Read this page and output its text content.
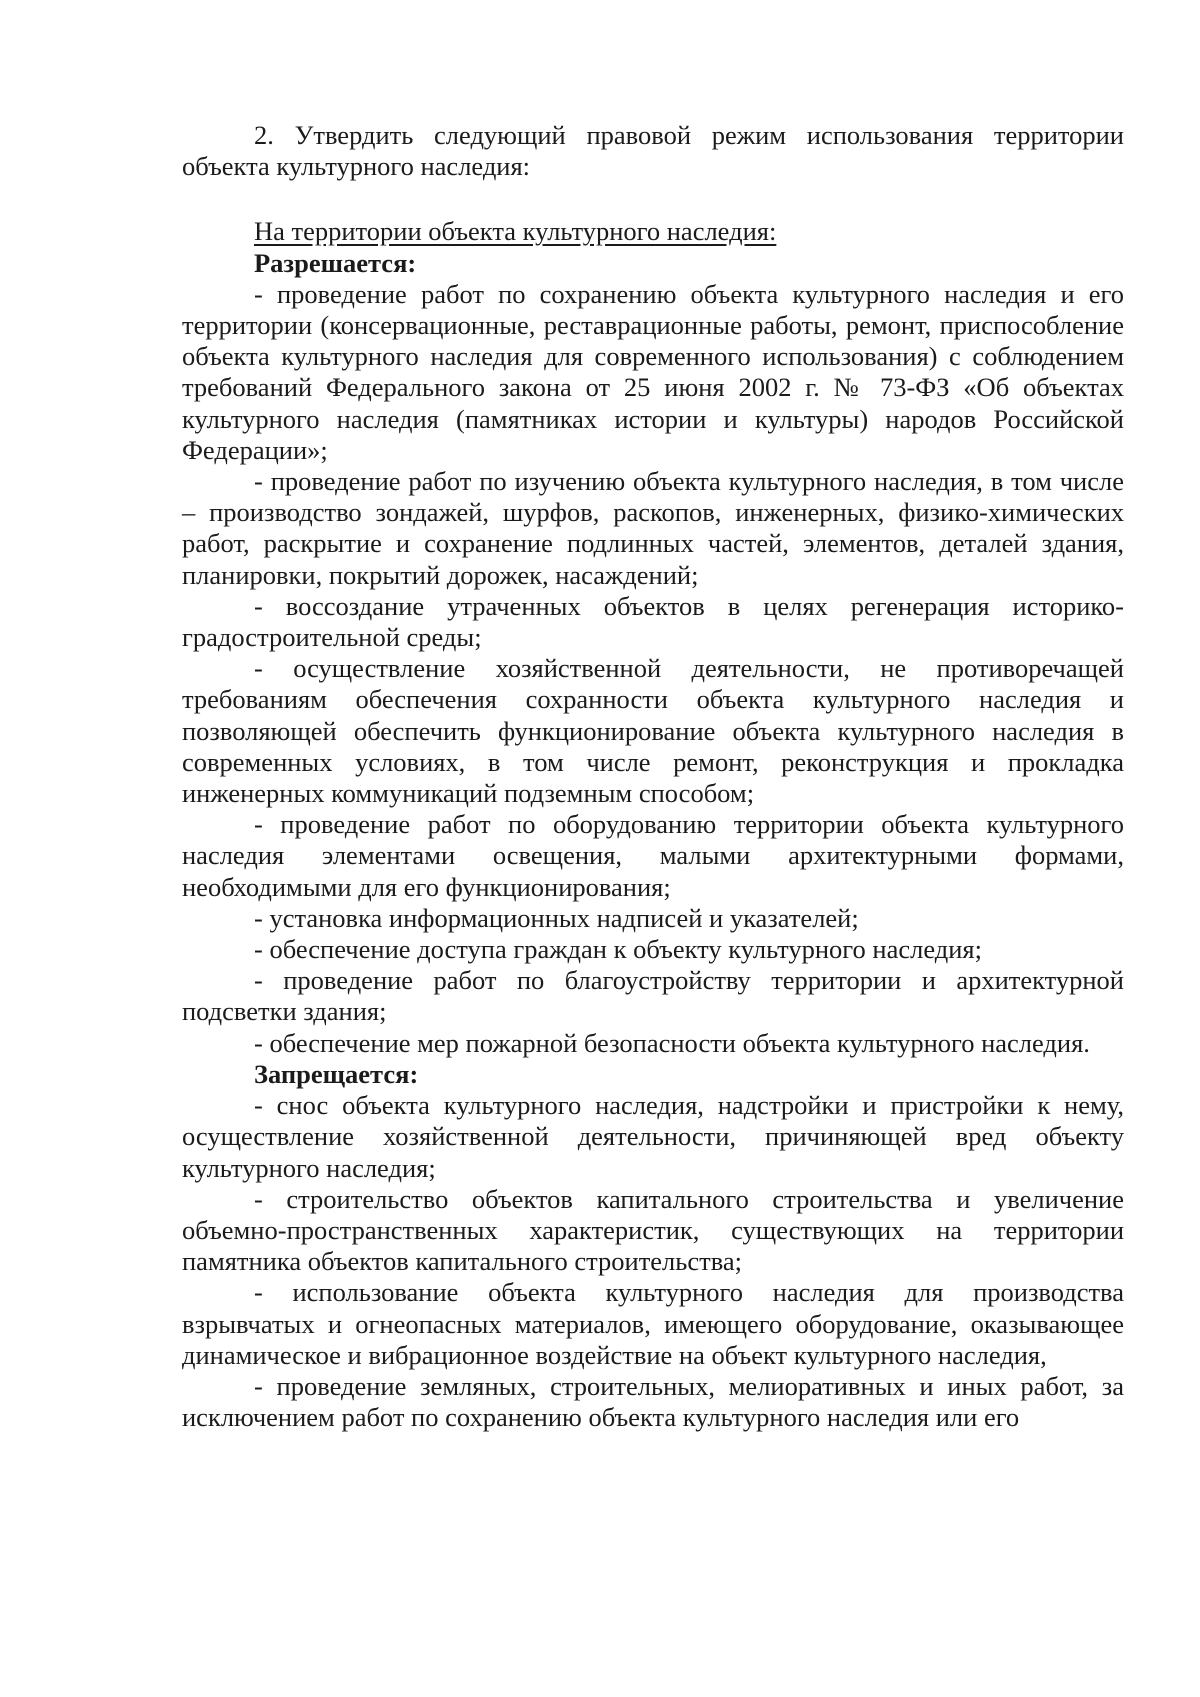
2. Утвердить следующий правовой режим использования территории объекта культурного наследия:

На территории объекта культурного наследия:
Разрешается:

- проведение работ по сохранению объекта культурного наследия и его территории (консервационные, реставрационные работы, ремонт, приспособление объекта культурного наследия для современного использования) с соблюдением требований Федерального закона от 25 июня 2002 г. № 73-ФЗ «Об объектах культурного наследия (памятниках истории и культуры) народов Российской Федерации»;

- проведение работ по изучению объекта культурного наследия, в том числе – производство зондажей, шурфов, раскопов, инженерных, физико-химических работ, раскрытие и сохранение подлинных частей, элементов, деталей здания, планировки, покрытий дорожек, насаждений;

- воссоздание утраченных объектов в целях регенерация историко-градостроительной среды;

- осуществление хозяйственной деятельности, не противоречащей требованиям обеспечения сохранности объекта культурного наследия и позволяющей обеспечить функционирование объекта культурного наследия в современных условиях, в том числе ремонт, реконструкция и прокладка инженерных коммуникаций подземным способом;

- проведение работ по оборудованию территории объекта культурного наследия элементами освещения, малыми архитектурными формами, необходимыми для его функционирования;

- установка информационных надписей и указателей;

- обеспечение доступа граждан к объекту культурного наследия;

- проведение работ по благоустройству территории и архитектурной подсветки здания;

- обеспечение мер пожарной безопасности объекта культурного наследия.

Запрещается:

- снос объекта культурного наследия, надстройки и пристройки к нему, осуществление хозяйственной деятельности, причиняющей вред объекту культурного наследия;

- строительство объектов капитального строительства и увеличение объемно-пространственных характеристик, существующих на территории памятника объектов капитального строительства;

- использование объекта культурного наследия для производства взрывчатых и огнеопасных материалов, имеющего оборудование, оказывающее динамическое и вибрационное воздействие на объект культурного наследия,

- проведение земляных, строительных, мелиоративных и иных работ, за исключением работ по сохранению объекта культурного наследия или его
